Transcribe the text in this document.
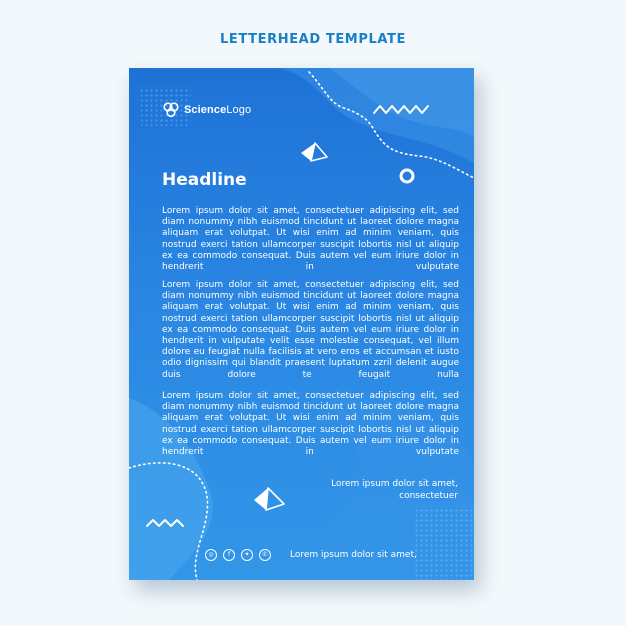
LETTERHEAD TEMPLATE
ScienceLogo
Headline
Lorem ipsum dolor sit amet, consectetuer adipiscing elit, sed diam nonummy nibh euismod tincidunt ut laoreet dolore magna aliquam erat volutpat. Ut wisi enim ad minim veniam, quis nostrud exerci tation ullamcorper suscipit lobortis nisl ut aliquip ex ea commodo consequat. Duis autem vel eum iriure dolor in hendrerit in vulputate
Lorem ipsum dolor sit amet, consectetuer adipiscing elit, sed diam nonummy nibh euismod tincidunt ut laoreet dolore magna aliquam erat volutpat. Ut wisi enim ad minim veniam, quis nostrud exerci tation ullamcorper suscipit lobortis nisl ut aliquip ex ea commodo consequat. Duis autem vel eum iriure dolor in hendrerit in vulputate velit esse molestie consequat, vel illum dolore eu feugiat nulla facilisis at vero eros et accumsan et iusto odio dignissim qui blandit praesent luptatum zzril delenit augue duis dolore te feugait nulla
Lorem ipsum dolor sit amet, consectetuer adipiscing elit, sed diam nonummy nibh euismod tincidunt ut laoreet dolore magna aliquam erat volutpat. Ut wisi enim ad minim veniam, quis nostrud exerci tation ullamcorper suscipit lobortis nisl ut aliquip ex ea commodo consequat. Duis autem vel eum iriure dolor in hendrerit in vulputate
Lorem ipsum dolor sit amet, consectetuer
◎	f	✦	✆	Lorem ipsum dolor sit amet,
